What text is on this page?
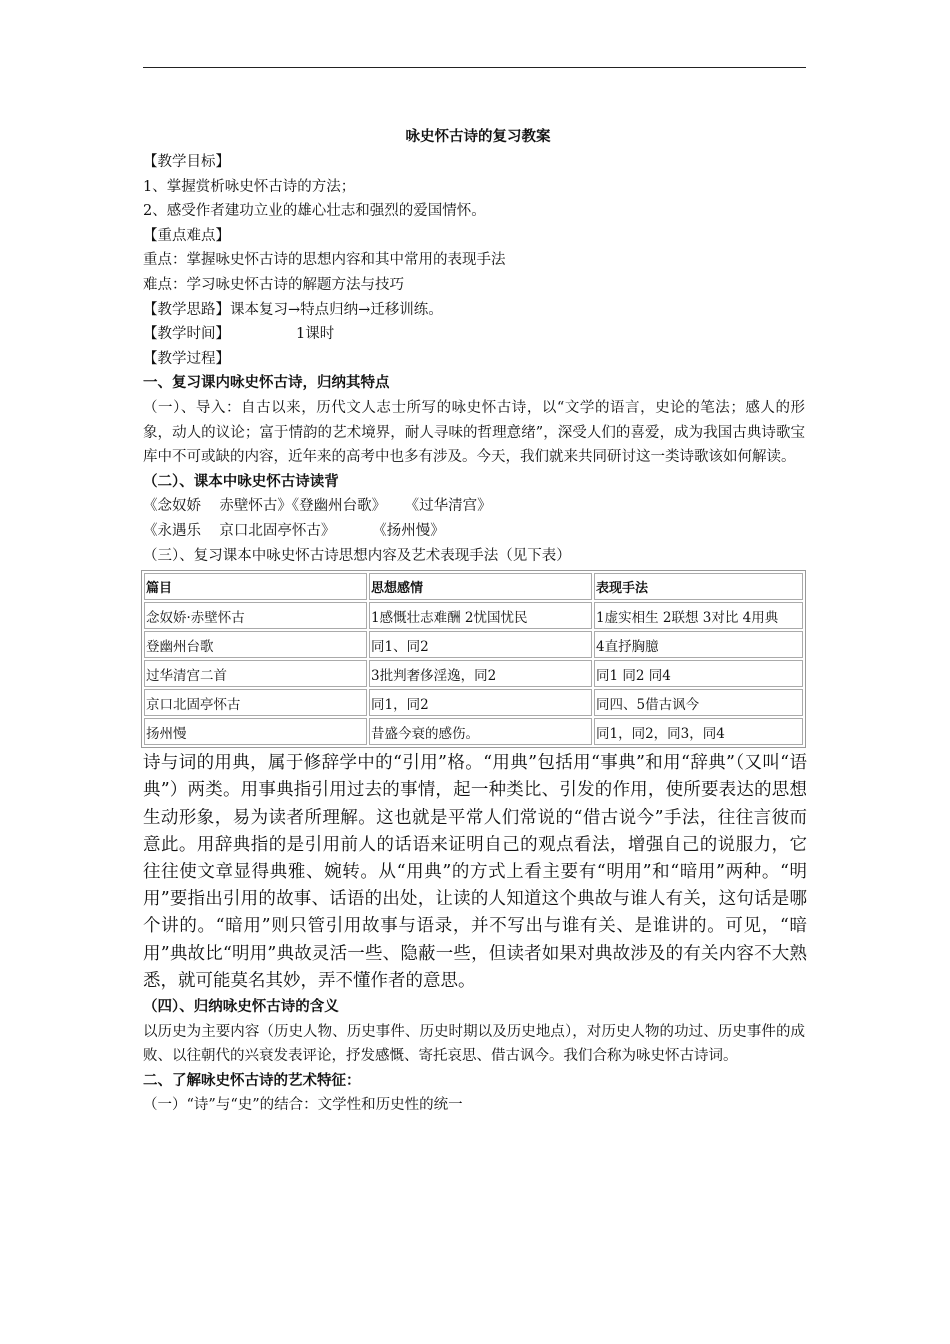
咏史怀古诗的复习教案
【教学目标】
1、掌握赏析咏史怀古诗的方法；
2、感受作者建功立业的雄心壮志和强烈的爱国情怀。
【重点难点】
重点：掌握咏史怀古诗的思想内容和其中常用的表现手法
难点：学习咏史怀古诗的解题方法与技巧
【教学思路】课本复习→特点归纳→迁移训练。
【教学时间】	1课时
【教学过程】
一、复习课内咏史怀古诗，归纳其特点
（一）、导入：自古以来，历代文人志士所写的咏史怀古诗，以“文学的语言，史论的笔法；感人的形象，动人的议论；富于情韵的艺术境界，耐人寻味的哲理意绪”，深受人们的喜爱，成为我国古典诗歌宝库中不可或缺的内容，近年来的高考中也多有涉及。今天，我们就来共同研讨这一类诗歌该如何解读。
（二）、课本中咏史怀古诗读背
《念奴娇    赤壁怀古》《登幽州台歌》    《过华清宫》
《永遇乐    京口北固亭怀古》        《扬州慢》
（三）、复习课本中咏史怀古诗思想内容及艺术表现手法（见下表）
篇目	思想感情	表现手法
念奴娇·赤壁怀古	1感慨壮志难酬 2忧国忧民	1虚实相生 2联想 3对比 4用典
登幽州台歌	同1、同2	4直抒胸臆
过华清宫二首	3批判奢侈淫逸，同2	同1 同2 同4
京口北固亭怀古	同1，同2	同四、5借古讽今
扬州慢	昔盛今衰的感伤。	同1，同2，同3，同4
诗与词的用典，属于修辞学中的“引用”格。“用典”包括用“事典”和用“辞典”（又叫“语典”）两类。用事典指引用过去的事情，起一种类比、引发的作用，使所要表达的思想生动形象，易为读者所理解。这也就是平常人们常说的“借古说今”手法，往往言彼而意此。用辞典指的是引用前人的话语来证明自己的观点看法，增强自己的说服力，它往往使文章显得典雅、婉转。从“用典”的方式上看主要有“明用”和“暗用”两种。“明用”要指出引用的故事、话语的出处，让读的人知道这个典故与谁人有关，这句话是哪个讲的。“暗用”则只管引用故事与语录，并不写出与谁有关、是谁讲的。可见，“暗用”典故比“明用”典故灵活一些、隐蔽一些，但读者如果对典故涉及的有关内容不大熟悉，就可能莫名其妙，弄不懂作者的意思。
（四）、归纳咏史怀古诗的含义
以历史为主要内容（历史人物、历史事件、历史时期以及历史地点），对历史人物的功过、历史事件的成败、以往朝代的兴衰发表评论，抒发感慨、寄托哀思、借古讽今。我们合称为咏史怀古诗词。
二、了解咏史怀古诗的艺术特征：
（一）“诗”与“史”的结合：文学性和历史性的统一
